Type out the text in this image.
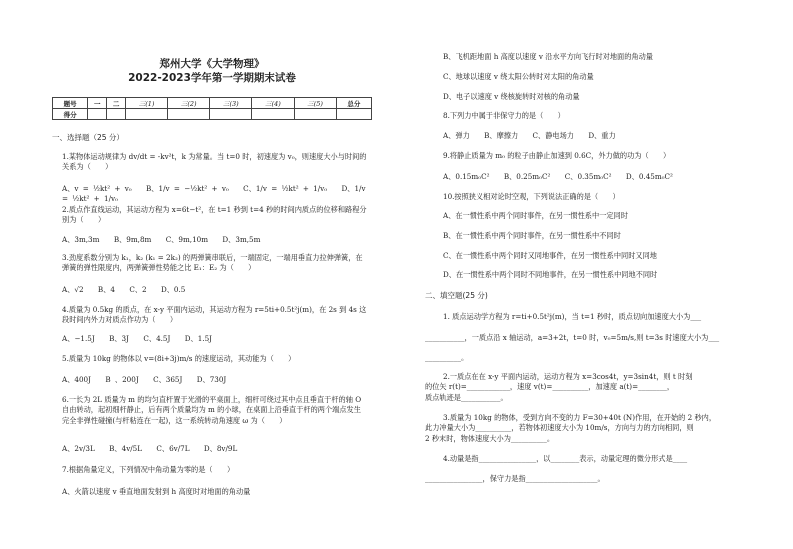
郑州大学《大学物理》
2022-2023学年第一学期期末试卷
题号	一	二	三(1)	三(2)	三(3)	三(4)	三(5)	总分
得分								

一、选择题（25 分）

1.某物体运动规律为 dv/dt = -kv²t，k 为常量。当 t=0 时，初速度为 v₀，则速度大小与时间的关系为（　　）

A、v = ½kt² + v₀　　B、1/v = −½kt² + v₀　　C、1/v = ½kt² + 1/v₀　　D、1/v = ½kt² + 1/v₀

2.质点作直线运动，其运动方程为 x=6t−t²，在 t=1 秒到 t=4 秒的时间内质点的位移和路程分别为（　　）

A、3m,3m　　B、9m,8m　　C、9m,10m　　D、3m,5m

3.劲度系数分别为 k₁，k₂ (k₁ = 2k₂) 的两弹簧串联后，一端固定，一端用垂直力拉伸弹簧，在弹簧的弹性限度内，两弹簧弹性势能之比 E₁：E₂ 为（　　）

A、√2　　B、4　　C、2　　D、0.5

4.质量为 0.5kg 的质点，在 x-y 平面内运动，其运动方程为 r=5ti+0.5t²j(m)，在 2s 到 4s 这段时间内外力对质点作功为（　　）

A、−1.5J　　B、3J　　C、4.5J　　D、1.5J

5.质量为 10kg 的物体以 v=(8i+3j)m/s 的速度运动，其动能为（　　）

A、400J　　B 、200J　　C、365J　　D、730J

6.一长为 2L 质量为 m 的均匀直杆置于光滑的平桌面上，细杆可绕过其中点且垂直于杆的轴 O 自由转动，起初细杆静止，后有两个质量均为 m 的小球，在桌面上沿垂直于杆的两个端点发生完全非弹性碰撞(与杆粘连在一起)，这一系统转动角速度 ω 为（　　）

A、2v/3L　　B、4v/5L　　C、6v/7L　　D、8v/9L

7.根据角量定义，下列情况中角动量为零的是（　　）

A、火箭以速度 v 垂直地面发射到 h 高度时对地面的角动量

B、飞机距地面 h 高度以速度 v 沿水平方向飞行时对地面的角动量

C、地球以速度 v 绕太阳公转时对太阳的角动量

D、电子以速度 v 绕核旋转时对核的角动量

8.下列力中属于非保守力的是（　　）

A、弹力　　B、摩擦力　　C、静电场力　　D、重力

9.将静止质量为 m₀ 的粒子由静止加速到 0.6C，外力做的功为（　　）

A、0.15m₀C²　　B、0.25m₀C²　　C、0.35m₀C²　　D、0.45m₀C²

10.按照狭义相对论时空观，下列说法正确的是（　　）

A、在一惯性系中两个同时事件，在另一惯性系中一定同时

B、在一惯性系中两个同时事件，在另一惯性系中不同时

C、在一惯性系中两个同时又同地事件，在另一惯性系中同时又同地

D、在一惯性系中两个同时不同地事件，在另一惯性系中同地不同时

二、填空题(25 分)

1. 质点运动学方程为 r=ti+0.5t²j(m)，当 t=1 秒时，质点切向加速度大小为___

___________，一质点沿 x 轴运动，a=3+2t，t=0 时，v₀=5m/s,则 t=3s 时速度大小为___

__________。

2.一质点在在 x-y 平面内运动，运动方程为 x=3cos4t，y=3sin4t，则 t 时刻

的位矢 r(t)=____________，速度 v(t)=__________，加速度 a(t)=________，

质点轨迹是___________。

3.质量为 10kg 的物体，受到方向不变的力 F=30+40t (N)作用，在开始的 2 秒内，

此力冲量大小为__________，若物体初速度大小为 10m/s，方向与力的方向相同，则

2 秒末时，物体速度大小为__________。

4.动量是指________________，以________表示，动量定理的微分形式是____

________________，保守力是指____________________。
